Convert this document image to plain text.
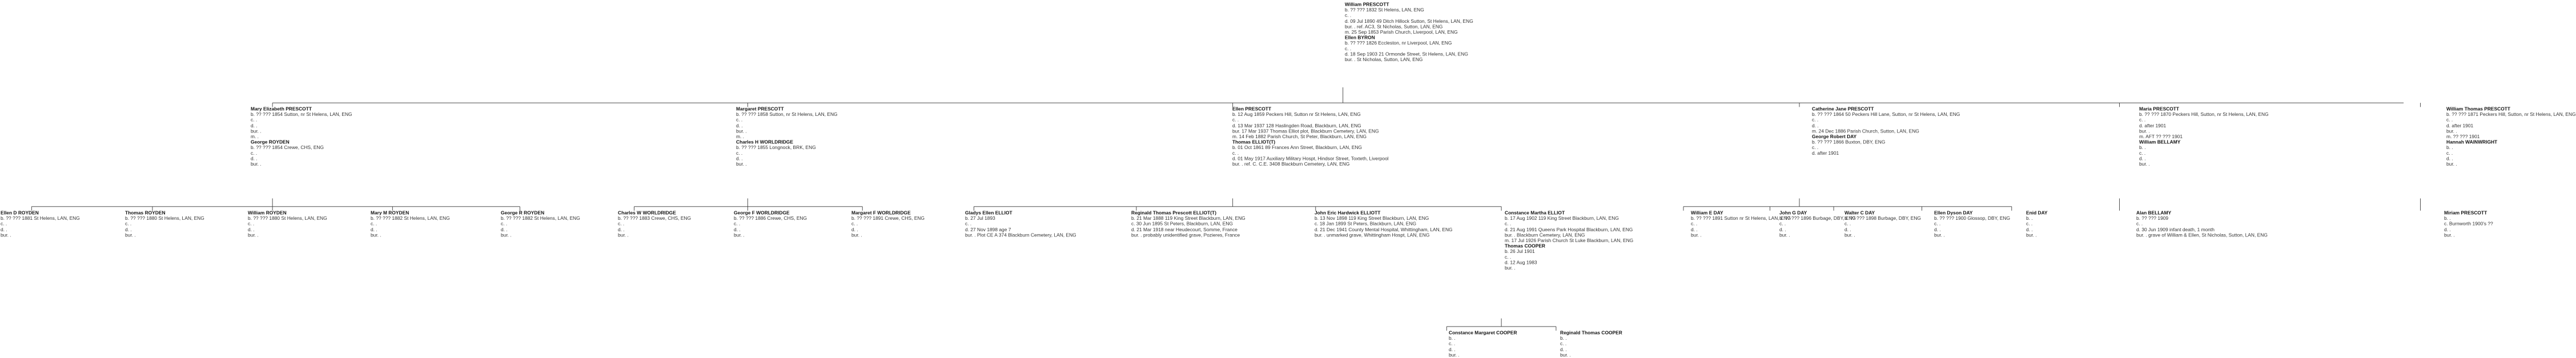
William PRESCOTT
b. ?? ??? 1832 St Helens, LAN, ENG
c. .
d. 09 Jul 1890 49 Ditch Hillock Sutton, St Helens, LAN, ENG
bur. . ref. AC3, St Nicholas, Sutton, LAN, ENG
m. 25 Sep 1853 Parish Church, Liverpool, LAN, ENG
Ellen BYRON
b. ?? ??? 1826 Eccleston, nr Liverpool, LAN, ENG
c. .
d. 18 Sep 1903 21 Ormonde Street, St Helens, LAN, ENG
bur. . St Nicholas, Sutton, LAN, ENG
Mary Elizabeth PRESCOTT
b. ?? ??? 1854 Sutton, nr St Helens, LAN, ENG
c. .
d. .
bur. .
m. .
George ROYDEN
b. ?? ??? 1854 Crewe, CHS, ENG
c. .
d. .
bur. .
Margaret PRESCOTT
b. ?? ??? 1858 Sutton, nr St Helens, LAN, ENG
c. .
d. .
bur. .
m. .
Charles H WORLDRIDGE
b. ?? ??? 1855 Longnock, BRK, ENG
c. .
d. .
bur. .
Ellen PRESCOTT
b. 12 Aug 1859 Peckers Hill, Sutton nr St Helens, LAN, ENG
c. .
d. 13 Mar 1937 128 Haslingden Road, Blackburn, LAN, ENG
bur. 17 Mar 1937 Thomas Elliot plot, Blackburn Cemetery, LAN, ENG
m. 14 Feb 1882 Parish Church, St Peter, Blackburn, LAN, ENG
Thomas ELLIOT(T)
b. 01 Oct 1861 89 Frances Ann Street, Blackburn, LAN, ENG
c. .
d. 01 May 1917 Auxiliary Military Hospt, Hindsor Street, Toxteth, Liverpool
bur. . ref. C. C.E. 3408 Blackburn Cemetery, LAN, ENG
Catherine Jane PRESCOTT
b. ?? ??? 1864 50 Peckers Hill Lane, Sutton, nr St Helens, LAN, ENG
c. .
d. .
m. 24 Dec 1886 Parish Church, Sutton, LAN, ENG
George Robert DAY
b. ?? ??? 1866 Buxton, DBY, ENG
c. .
d. after 1901
Maria PRESCOTT
b. ?? ??? 1870 Peckers Hill, Sutton, nr St Helens, LAN, ENG
c. .
d. after 1901
bur. .
m. AFT ?? ??? 1901
William BELLAMY
b. .
c. .
d. .
bur. .
William Thomas PRESCOTT
b. ?? ??? 1871 Peckers Hill, Sutton, nr St Helens, LAN, ENG
c. .
d. after 1901
bur. .
m. ?? ??? 1901
Hannah WAINWRIGHT
b. .
c. .
d. .
bur. .
Ellen D ROYDEN
b. ?? ??? 1881 St Helens, LAN, ENG
c. .
d. .
bur. .
Thomas ROYDEN
b. ?? ??? 1880 St Helens, LAN, ENG
c. .
d. .
bur. .
William ROYDEN
b. ?? ??? 1880 St Helens, LAN, ENG
c. .
d. .
bur. .
Mary M ROYDEN
b. ?? ??? 1882 St Helens, LAN, ENG
c. .
d. .
bur. .
George R ROYDEN
b. ?? ??? 1882 St Helens, LAN, ENG
c. .
d. .
bur. .
Charles W WORLDRIDGE
b. ?? ??? 1883 Crewe, CHS, ENG
c. .
d. .
bur. .
George F WORLDRIDGE
b. ?? ??? 1886 Crewe, CHS, ENG
c. .
d. .
bur. .
Margaret F WORLDRIDGE
b. ?? ??? 1891 Crewe, CHS, ENG
c. .
d. .
bur. .
Gladys Ellen ELLIOT
b. 27 Jul 1893
c. .
d. 27 Nov 1898 age 7
bur. . Plot CE A 374 Blackburn Cemetery, LAN, ENG
Reginald Thomas Prescott ELLIOT(T)
b. 21 Mar 1888 119 King Street Blackburn, LAN, ENG
c. 30 Jun 1895 St Peters, Blackburn, LAN, ENG
d. 21 Mar 1918 near Heudecourt, Somme, France
bur. . probably unidentified grave, Pozieres, France
John Eric Hardwick ELLIOTT
b. 13 Nov 1898 119 King Street Blackburn, LAN, ENG
c. 18 Jan 1899 St Peters, Blackburn, LAN, ENG
d. 21 Dec 1941 County Mental Hospital, Whittingham, LAN, ENG
bur. . unmarked grave, Whittingham Hospt, LAN, ENG
Constance Martha ELLIOT
b. 17 Aug 1902 119 King Street Blackburn, LAN, ENG
c. .
d. 21 Aug 1991 Queens Park Hospital Blackburn, LAN, ENG
bur. . Blackburn Cemetery, LAN, ENG
m. 17 Jul 1926 Parish Church St Luke Blackburn, LAN, ENG
Thomas COOPER
b. 26 Jul 1901
c. .
d. 12 Aug 1983
bur. .
William E DAY
b. ?? ??? 1891 Sutton nr St Helens, LAN, ENG
c. .
d. .
bur. .
John G DAY
b. ?? ??? 1896 Burbage, DBY, ENG
c. .
d. .
bur. .
Walter C DAY
b. ?? ??? 1898 Burbage, DBY, ENG
c. .
d. .
bur. .
Ellen Dyson DAY
b. ?? ??? 1900 Glossop, DBY, ENG
c. .
d. .
bur. .
Enid DAY
b. .
c. .
d. .
bur. .
Alan BELLAMY
b. ?? ??? 1909
c. .
d. 30 Jun 1909 infant death, 1 month
bur. . grave of William & Ellen, St Nicholas, Sutton, LAN, ENG
Miriam PRESCOTT
b. .
c. Burnworth 1900's ??
d. .
bur. .
Constance Margaret COOPER
b. .
c. .
d. .
bur. .
Reginald Thomas COOPER
b. .
c. .
d. .
bur. .
